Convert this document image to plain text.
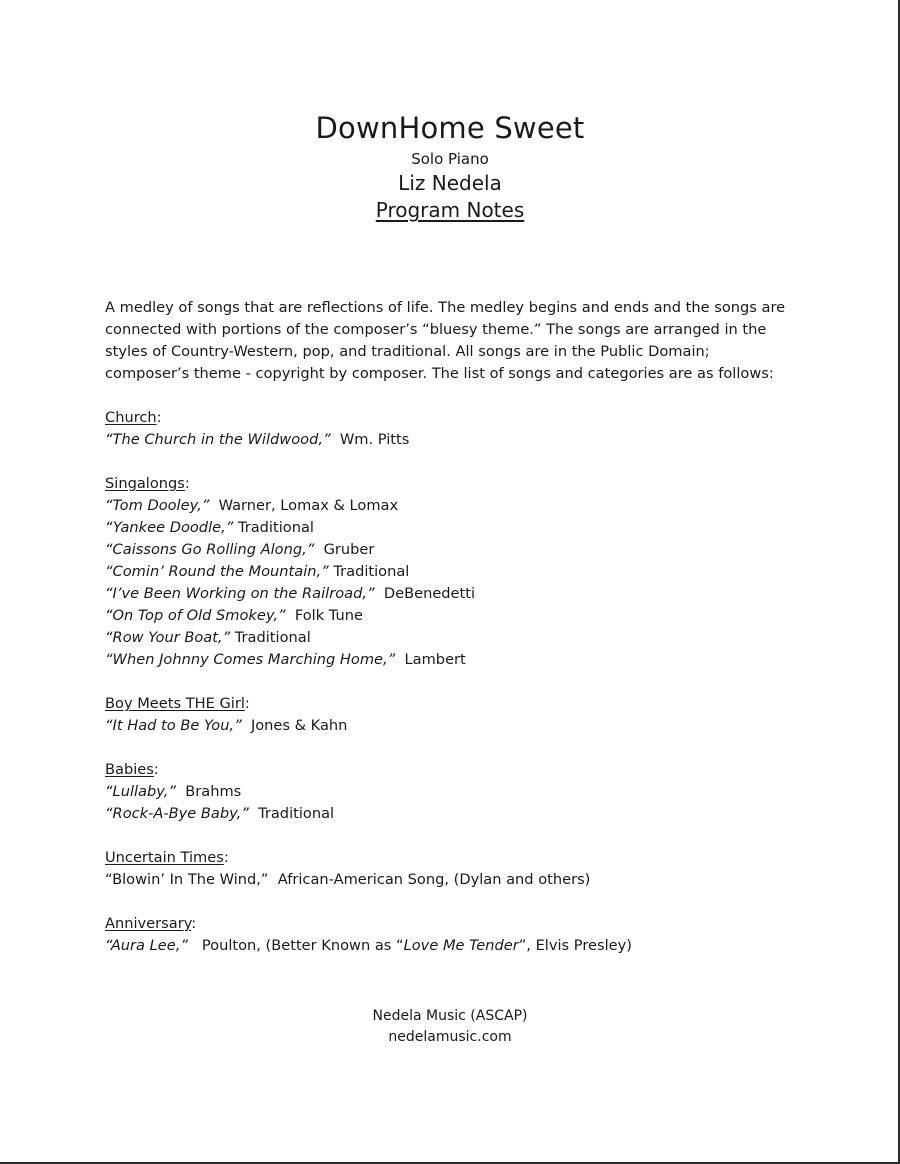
DownHome Sweet
Solo Piano
Liz Nedela
Program Notes

A medley of songs that are reflections of life. The medley begins and ends and the songs are connected with portions of the composer’s “bluesy theme.” The songs are arranged in the styles of Country-Western, pop, and traditional. All songs are in the Public Domain; composer’s theme - copyright by composer. The list of songs and categories are as follows:

Church:
“The Church in the Wildwood,” Wm. Pitts
Singalongs:
“Tom Dooley,” Warner, Lomax & Lomax
“Yankee Doodle,” Traditional
“Caissons Go Rolling Along,” Gruber
“Comin’ Round the Mountain,” Traditional
“I’ve Been Working on the Railroad,” DeBenedetti
“On Top of Old Smokey,” Folk Tune
“Row Your Boat,” Traditional
“When Johnny Comes Marching Home,” Lambert
Boy Meets THE Girl:
“It Had to Be You,” Jones & Kahn
Babies:
“Lullaby,” Brahms
“Rock-A-Bye Baby,” Traditional
Uncertain Times:
“Blowin’ In The Wind,” African-American Song, (Dylan and others)
Anniversary:
“Aura Lee,” Poulton, (Better Known as “Love Me Tender”, Elvis Presley)
Nedela Music (ASCAP)
nedelamusic.com
